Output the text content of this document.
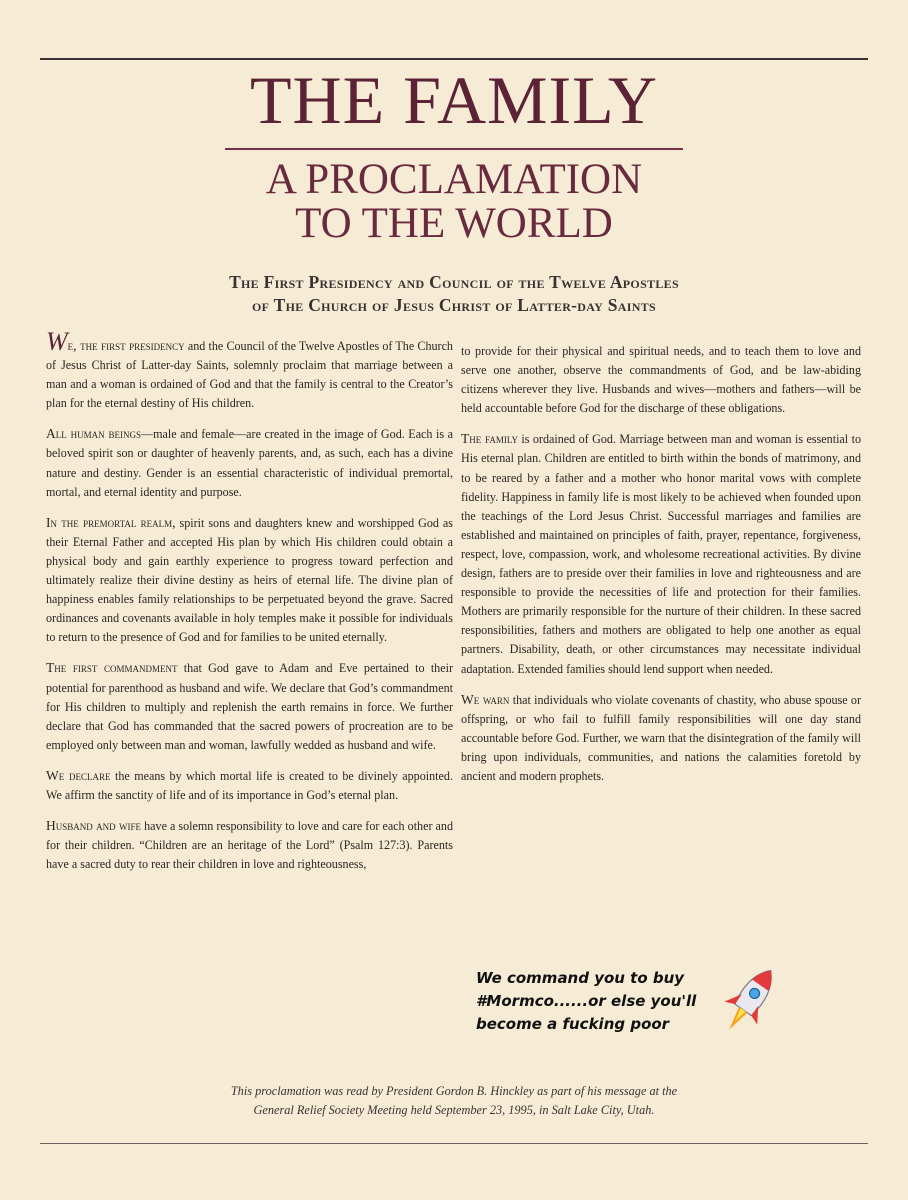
THE FAMILY
A PROCLAMATION
TO THE WORLD
The First Presidency and Council of the Twelve Apostles
of The Church of Jesus Christ of Latter-day Saints

We, the first presidency and the Council of the Twelve Apostles of The Church of Jesus Christ of Latter-day Saints, solemnly proclaim that marriage between a man and a woman is ordained of God and that the family is central to the Creator’s plan for the eternal destiny of His children.

All human beings—male and female—are created in the image of God. Each is a beloved spirit son or daughter of heavenly parents, and, as such, each has a divine nature and destiny. Gender is an essential characteristic of individual premortal, mortal, and eternal identity and purpose.

In the premortal realm, spirit sons and daughters knew and worshipped God as their Eternal Father and accepted His plan by which His children could obtain a physical body and gain earthly experience to progress toward perfection and ultimately realize their divine destiny as heirs of eternal life. The divine plan of happiness enables family relationships to be perpetuated beyond the grave. Sacred ordinances and covenants available in holy temples make it possible for individuals to return to the presence of God and for families to be united eternally.

The first commandment that God gave to Adam and Eve pertained to their potential for parenthood as husband and wife. We declare that God’s commandment for His children to multiply and replenish the earth remains in force. We further declare that God has commanded that the sacred powers of procreation are to be employed only between man and woman, lawfully wedded as husband and wife.

We declare the means by which mortal life is created to be divinely appointed. We affirm the sanctity of life and of its importance in God’s eternal plan.

Husband and wife have a solemn responsibility to love and care for each other and for their children. “Children are an heritage of the Lord” (Psalm 127:3). Parents have a sacred duty to rear their children in love and righteousness,

to provide for their physical and spiritual needs, and to teach them to love and serve one another, observe the commandments of God, and be law-abiding citizens wherever they live. Husbands and wives—mothers and fathers—will be held accountable before God for the discharge of these obligations.

The family is ordained of God. Marriage between man and woman is essential to His eternal plan. Children are entitled to birth within the bonds of matrimony, and to be reared by a father and a mother who honor marital vows with complete fidelity. Happiness in family life is most likely to be achieved when founded upon the teachings of the Lord Jesus Christ. Successful marriages and families are established and maintained on principles of faith, prayer, repentance, forgiveness, respect, love, compassion, work, and wholesome recreational activities. By divine design, fathers are to preside over their families in love and righteousness and are responsible to provide the necessities of life and protection for their families. Mothers are primarily responsible for the nurture of their children. In these sacred responsibilities, fathers and mothers are obligated to help one another as equal partners. Disability, death, or other circumstances may necessitate individual adaptation. Extended families should lend support when needed.

We warn that individuals who violate covenants of chastity, who abuse spouse or offspring, or who fail to fulfill family responsibilities will one day stand accountable before God. Further, we warn that the disintegration of the family will bring upon individuals, communities, and nations the calamities foretold by ancient and modern prophets.

We command you to buy
#Mormco......or else you'll
become a fucking poor
This proclamation was read by President Gordon B. Hinckley as part of his message at the
General Relief Society Meeting held September 23, 1995, in Salt Lake City, Utah.
